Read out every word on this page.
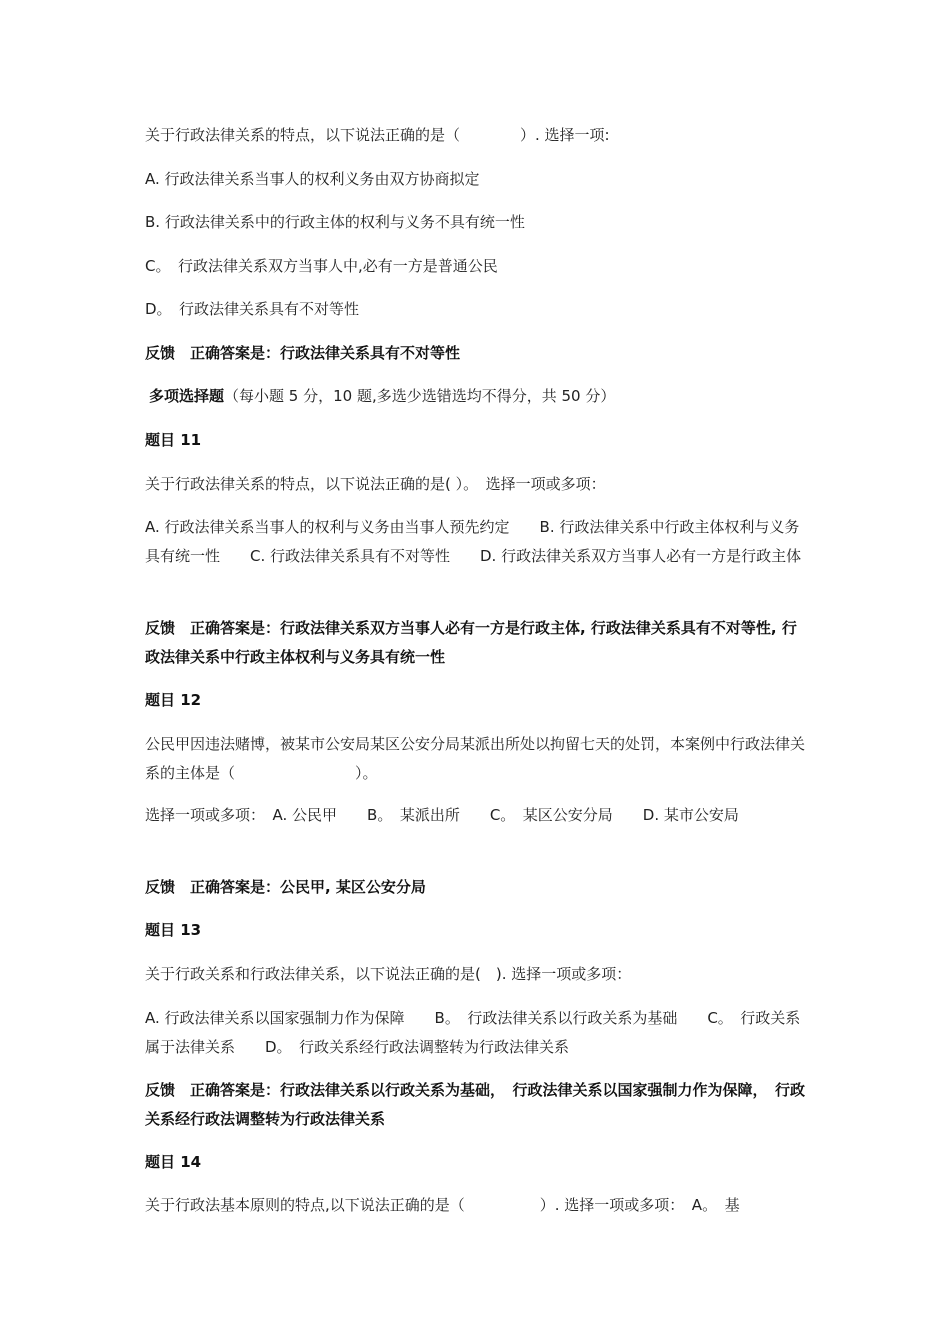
关于行政法律关系的特点，以下说法正确的是（　　　　）. 选择一项:
A. 行政法律关系当事人的权利义务由双方协商拟定
B. 行政法律关系中的行政主体的权利与义务不具有统一性
C。　行政法律关系双方当事人中,必有一方是普通公民
D。　行政法律关系具有不对等性
反馈　正确答案是：行政法律关系具有不对等性
多项选择题（每小题 5 分，10 题,多选少选错选均不得分，共 50 分）
题目 11
关于行政法律关系的特点，以下说法正确的是( ）。　选择一项或多项：
A. 行政法律关系当事人的权利与义务由当事人预先约定　　B. 行政法律关系中行政主体权利与义务具有统一性　　C. 行政法律关系具有不对等性　　D. 行政法律关系双方当事人必有一方是行政主体
反馈　正确答案是：行政法律关系双方当事人必有一方是行政主体, 行政法律关系具有不对等性, 行政法律关系中行政主体权利与义务具有统一性
题目 12
公民甲因违法赌博，被某市公安局某区公安分局某派出所处以拘留七天的处罚，本案例中行政法律关系的主体是（　　　　　　　　）。
选择一项或多项：　A. 公民甲　　B。　某派出所　　C。　某区公安分局　　D. 某市公安局
反馈　正确答案是：公民甲, 某区公安分局
题目 13
关于行政关系和行政法律关系，以下说法正确的是(　). 选择一项或多项：
A. 行政法律关系以国家强制力作为保障　　B。　行政法律关系以行政关系为基础　　C。　行政关系属于法律关系　　D。　行政关系经行政法调整转为行政法律关系
反馈　正确答案是：行政法律关系以行政关系为基础，　行政法律关系以国家强制力作为保障，　行政关系经行政法调整转为行政法律关系
题目 14
关于行政法基本原则的特点,以下说法正确的是（　　　　　）. 选择一项或多项：　A。　基
